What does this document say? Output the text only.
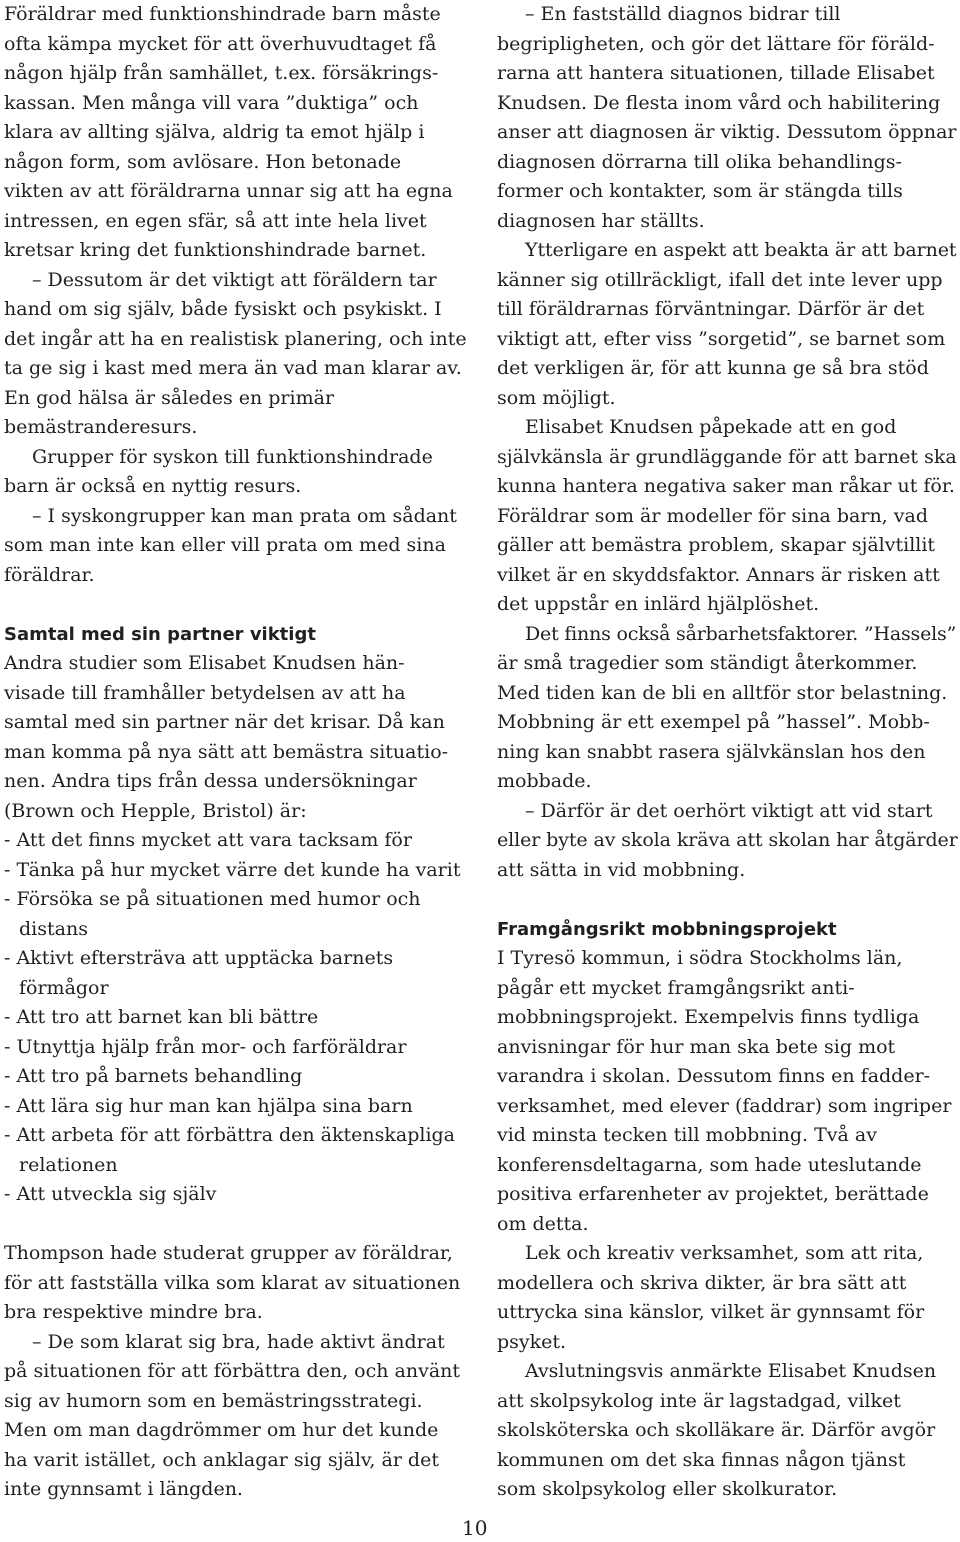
Föräldrar med funktionshindrade barn måste
ofta kämpa mycket för att överhuvudtaget få
någon hjälp från samhället, t.ex. försäkrings-
kassan. Men många vill vara ”duktiga” och
klara av allting själva, aldrig ta emot hjälp i
någon form, som avlösare. Hon betonade
vikten av att föräldrarna unnar sig att ha egna
intressen, en egen sfär, så att inte hela livet
kretsar kring det funktionshindrade barnet.
– Dessutom är det viktigt att föräldern tar
hand om sig själv, både fysiskt och psykiskt. I
det ingår att ha en realistisk planering, och inte
ta ge sig i kast med mera än vad man klarar av.
En god hälsa är således en primär
bemästranderesurs.
Grupper för syskon till funktionshindrade
barn är också en nyttig resurs.
– I syskongrupper kan man prata om sådant
som man inte kan eller vill prata om med sina
föräldrar.
Samtal med sin partner viktigt
Andra studier som Elisabet Knudsen hän-
visade till framhåller betydelsen av att ha
samtal med sin partner när det krisar. Då kan
man komma på nya sätt att bemästra situatio-
nen. Andra tips från dessa undersökningar
(Brown och Hepple, Bristol) är:
- Att det finns mycket att vara tacksam för
- Tänka på hur mycket värre det kunde ha varit
- Försöka se på situationen med humor och
distans
- Aktivt eftersträva att upptäcka barnets
förmågor
- Att tro att barnet kan bli bättre
- Utnyttja hjälp från mor- och farföräldrar
- Att tro på barnets behandling
- Att lära sig hur man kan hjälpa sina barn
- Att arbeta för att förbättra den äktenskapliga
relationen
- Att utveckla sig själv
Thompson hade studerat grupper av föräldrar,
för att fastställa vilka som klarat av situationen
bra respektive mindre bra.
– De som klarat sig bra, hade aktivt ändrat
på situationen för att förbättra den, och använt
sig av humorn som en bemästringsstrategi.
Men om man dagdrömmer om hur det kunde
ha varit istället, och anklagar sig själv, är det
inte gynnsamt i längden.
– En fastställd diagnos bidrar till
begripligheten, och gör det lättare för föräld-
rarna att hantera situationen, tillade Elisabet
Knudsen. De flesta inom vård och habilitering
anser att diagnosen är viktig. Dessutom öppnar
diagnosen dörrarna till olika behandlings-
former och kontakter, som är stängda tills
diagnosen har ställts.
Ytterligare en aspekt att beakta är att barnet
känner sig otillräckligt, ifall det inte lever upp
till föräldrarnas förväntningar. Därför är det
viktigt att, efter viss ”sorgetid”, se barnet som
det verkligen är, för att kunna ge så bra stöd
som möjligt.
Elisabet Knudsen påpekade att en god
självkänsla är grundläggande för att barnet ska
kunna hantera negativa saker man råkar ut för.
Föräldrar som är modeller för sina barn, vad
gäller att bemästra problem, skapar självtillit
vilket är en skyddsfaktor. Annars är risken att
det uppstår en inlärd hjälplöshet.
Det finns också sårbarhetsfaktorer. ”Hassels”
är små tragedier som ständigt återkommer.
Med tiden kan de bli en alltför stor belastning.
Mobbning är ett exempel på ”hassel”. Mobb-
ning kan snabbt rasera självkänslan hos den
mobbade.
– Därför är det oerhört viktigt att vid start
eller byte av skola kräva att skolan har åtgärder
att sätta in vid mobbning.
Framgångsrikt mobbningsprojekt
I Tyresö kommun, i södra Stockholms län,
pågår ett mycket framgångsrikt anti-
mobbningsprojekt. Exempelvis finns tydliga
anvisningar för hur man ska bete sig mot
varandra i skolan. Dessutom finns en fadder-
verksamhet, med elever (faddrar) som ingriper
vid minsta tecken till mobbning. Två av
konferensdeltagarna, som hade uteslutande
positiva erfarenheter av projektet, berättade
om detta.
Lek och kreativ verksamhet, som att rita,
modellera och skriva dikter, är bra sätt att
uttrycka sina känslor, vilket är gynnsamt för
psyket.
Avslutningsvis anmärkte Elisabet Knudsen
att skolpsykolog inte är lagstadgad, vilket
skolsköterska och skolläkare är. Därför avgör
kommunen om det ska finnas någon tjänst
som skolpsykolog eller skolkurator.
10
